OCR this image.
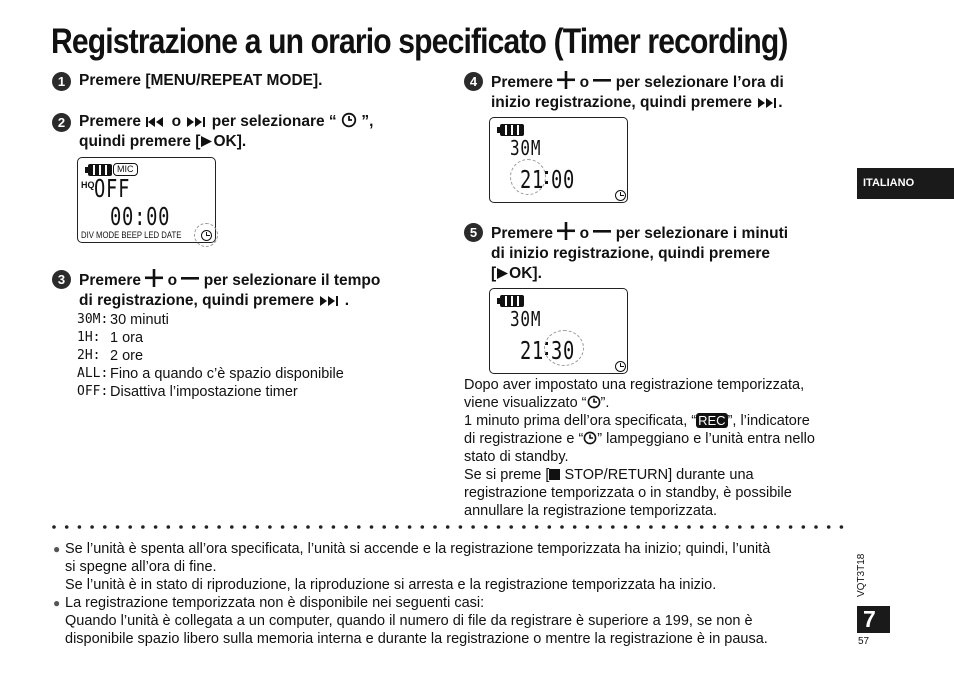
Registrazione a un orario specificato (Timer recording)
1 Premere [MENU/REPEAT MODE].
2 Premere o per selezionare “ ”,
quindi premere [ OK].
MIC
HQ OFF
00:00
DIV MODE BEEP LED DATE
3 Premere o per selezionare il tempo
di registrazione, quindi premere .
30M: 30 minuti
1H: 1 ora
2H: 2 ore
ALL: Fino a quando c’è spazio disponibile
OFF: Disattiva l’impostazione timer
4 Premere o per selezionare l’ora di
inizio registrazione, quindi premere .
30M
21 00
5 Premere o per selezionare i minuti
di inizio registrazione, quindi premere
[ OK].
30M
21 30
Dopo aver impostato una registrazione temporizzata,
viene visualizzato “ ”.
1 minuto prima dell’ora specificata, “ REC ”, l’indicatore
di registrazione e “ ” lampeggiano e l’unità entra nello
stato di standby.
Se si preme [ STOP/RETURN] durante una
registrazione temporizzata o in standby, è possibile
annullare la registrazione temporizzata.
● Se l’unità è spenta all’ora specificata, l’unità si accende e la registrazione temporizzata ha inizio; quindi, l’unità
si spegne all’ora di fine.
Se l’unità è in stato di riproduzione, la riproduzione si arresta e la registrazione temporizzata ha inizio.
● La registrazione temporizzata non è disponibile nei seguenti casi:
Quando l’unità è collegata a un computer, quando il numero di file da registrare è superiore a 199, se non è
disponibile spazio libero sulla memoria interna e durante la registrazione o mentre la registrazione è in pausa.
ITALIANO
VQT3T18
7
57
